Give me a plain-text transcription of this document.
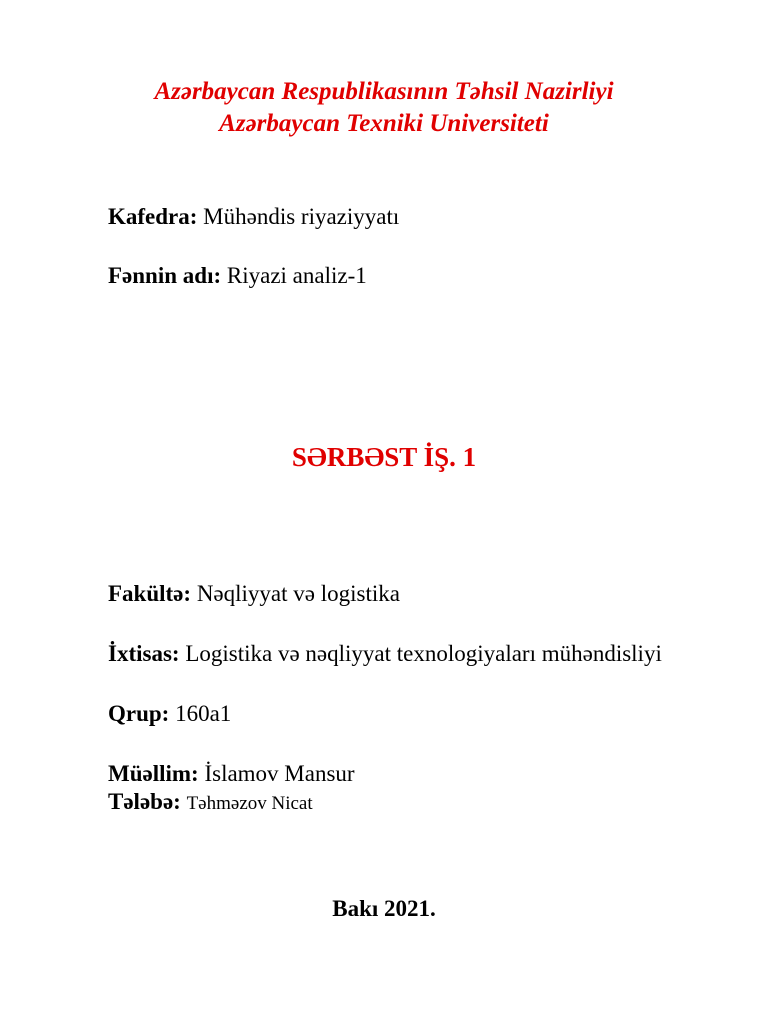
Azərbaycan Respublikasının Təhsil Nazirliyi
Azərbaycan Texniki Universiteti
Kafedra: Mühəndis riyaziyyatı
Fənnin adı: Riyazi analiz-1
SƏRBƏST İŞ. 1
Fakültə: Nəqliyyat və logistika
İxtisas: Logistika və nəqliyyat texnologiyaları mühəndisliyi
Qrup: 160a1
Müəllim: İslamov Mansur
Tələbə: Təhməzov Nicat
Bakı 2021.
